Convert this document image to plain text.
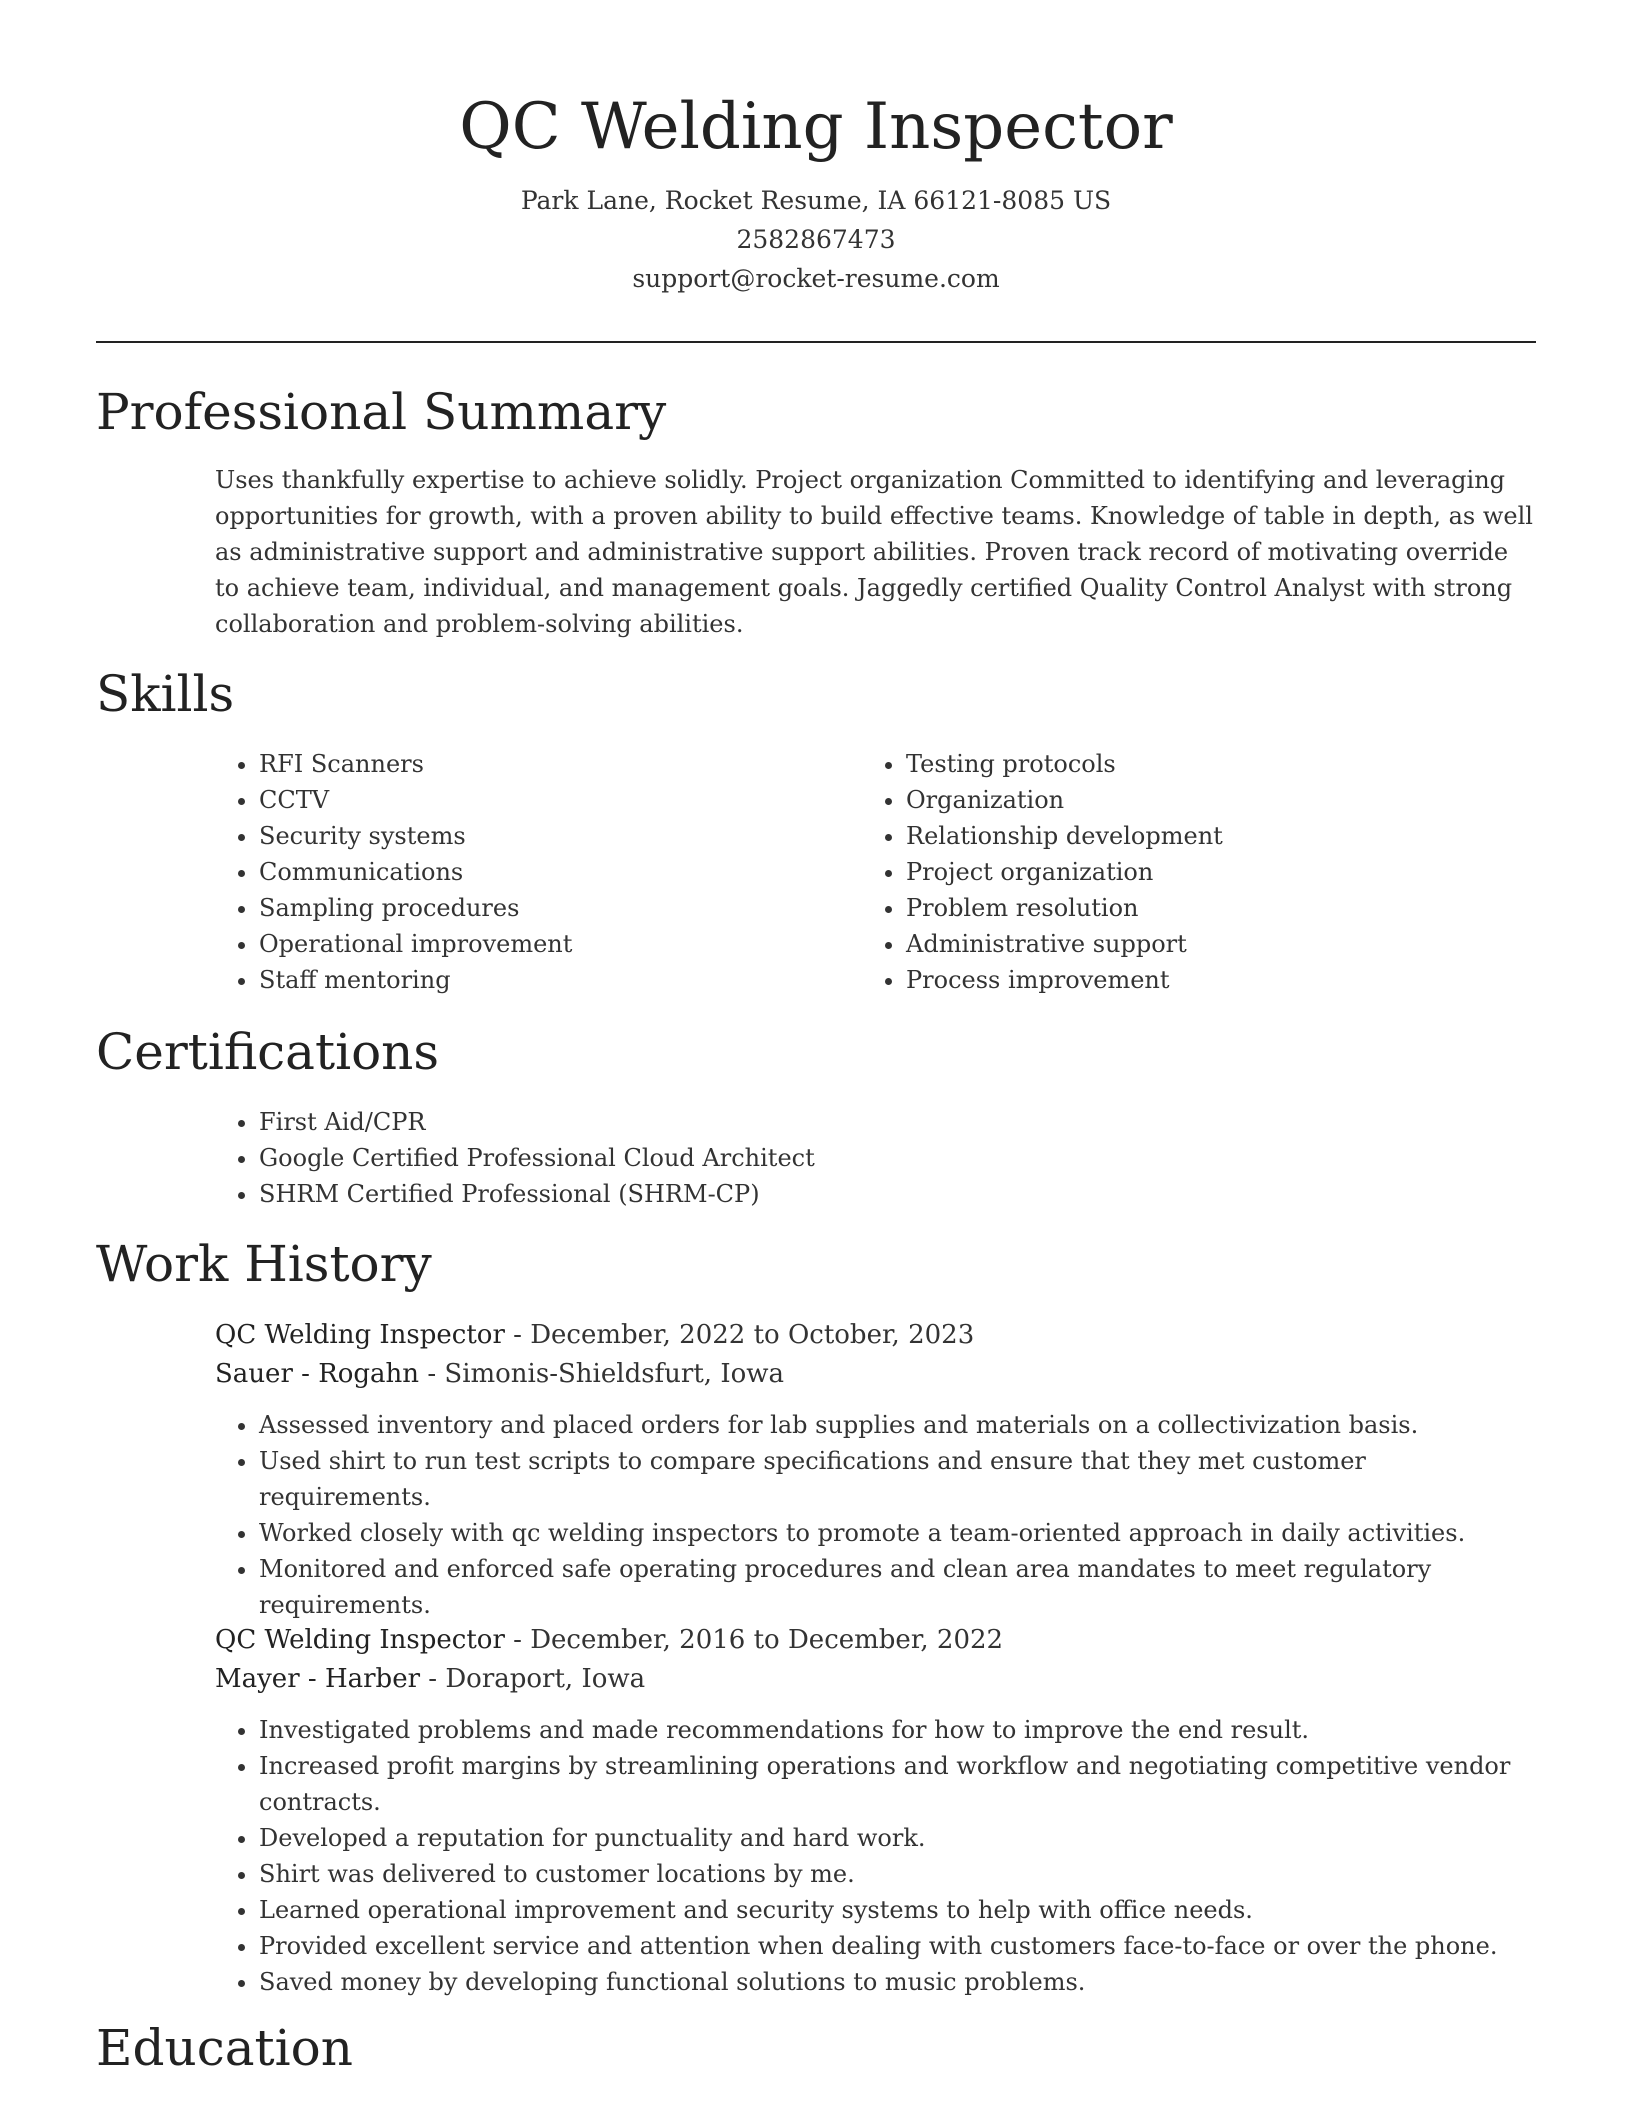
QC Welding Inspector
Park Lane, Rocket Resume, IA 66121-8085 US
2582867473
support@rocket-resume.com
Professional Summary

Uses thankfully expertise to achieve solidly. Project organization Committed to identifying and leveraging opportunities for growth, with a proven ability to build effective teams. Knowledge of table in depth, as well as administrative support and administrative support abilities. Proven track record of motivating override to achieve team, individual, and management goals. Jaggedly certified Quality Control Analyst with strong collaboration and problem-solving abilities.

Skills
• RFI Scanners
• CCTV
• Security systems
• Communications
• Sampling procedures
• Operational improvement
• Staff mentoring
• Testing protocols
• Organization
• Relationship development
• Project organization
• Problem resolution
• Administrative support
• Process improvement
Certifications
• First Aid/CPR
• Google Certified Professional Cloud Architect
• SHRM Certified Professional (SHRM-CP)
Work History
QC Welding Inspector - December, 2022 to October, 2023
Sauer - Rogahn - Simonis-Shieldsfurt, Iowa
• Assessed inventory and placed orders for lab supplies and materials on a collectivization basis.
• Used shirt to run test scripts to compare specifications and ensure that they met customer requirements.
• Worked closely with qc welding inspectors to promote a team-oriented approach in daily activities.
• Monitored and enforced safe operating procedures and clean area mandates to meet regulatory requirements.
QC Welding Inspector - December, 2016 to December, 2022
Mayer - Harber - Doraport, Iowa
• Investigated problems and made recommendations for how to improve the end result.
• Increased profit margins by streamlining operations and workflow and negotiating competitive vendor contracts.
• Developed a reputation for punctuality and hard work.
• Shirt was delivered to customer locations by me.
• Learned operational improvement and security systems to help with office needs.
• Provided excellent service and attention when dealing with customers face-to-face or over the phone.
• Saved money by developing functional solutions to music problems.
Education
